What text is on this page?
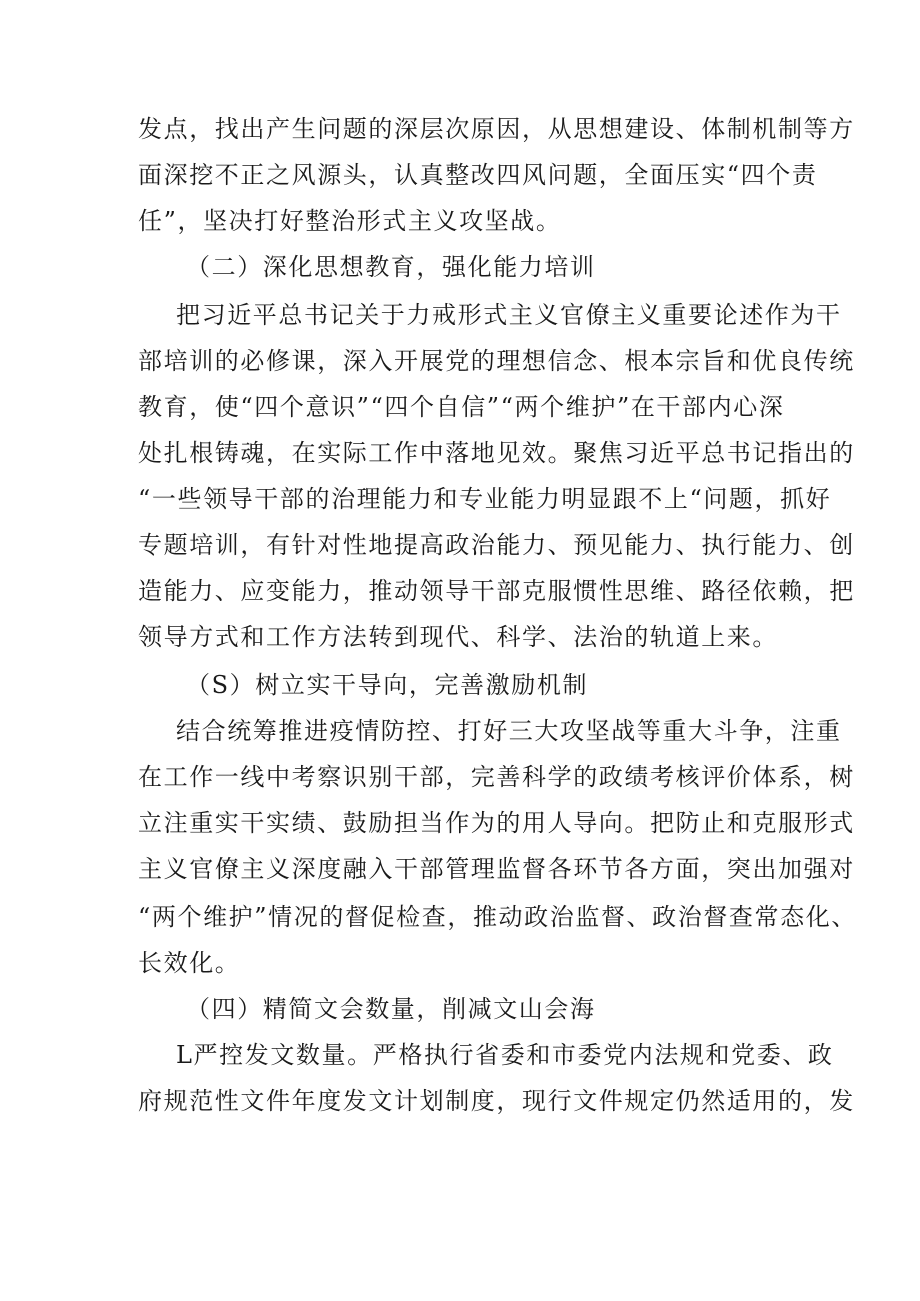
发点，找出产生问题的深层次原因，从思想建设、体制机制等方
面深挖不正之风源头，认真整改四风问题，全面压实“四个责
任”，坚决打好整治形式主义攻坚战。
（二）深化思想教育，强化能力培训
把习近平总书记关于力戒形式主义官僚主义重要论述作为干
部培训的必修课，深入开展党的理想信念、根本宗旨和优良传统
教育，使“四个意识”“四个自信”“两个维护”在干部内心深
处扎根铸魂，在实际工作中落地见效。聚焦习近平总书记指出的
“一些领导干部的治理能力和专业能力明显跟不上“问题，抓好
专题培训，有针对性地提高政治能力、预见能力、执行能力、创
造能力、应变能力，推动领导干部克服惯性思维、路径依赖，把
领导方式和工作方法转到现代、科学、法治的轨道上来。
（S）树立实干导向，完善激励机制
结合统筹推进疫情防控、打好三大攻坚战等重大斗争，注重
在工作一线中考察识别干部，完善科学的政绩考核评价体系，树
立注重实干实绩、鼓励担当作为的用人导向。把防止和克服形式
主义官僚主义深度融入干部管理监督各环节各方面，突出加强对
“两个维护”情况的督促检查，推动政治监督、政治督查常态化、
长效化。
（四）精简文会数量，削减文山会海
L严控发文数量。严格执行省委和市委党内法规和党委、政
府规范性文件年度发文计划制度，现行文件规定仍然适用的，发
